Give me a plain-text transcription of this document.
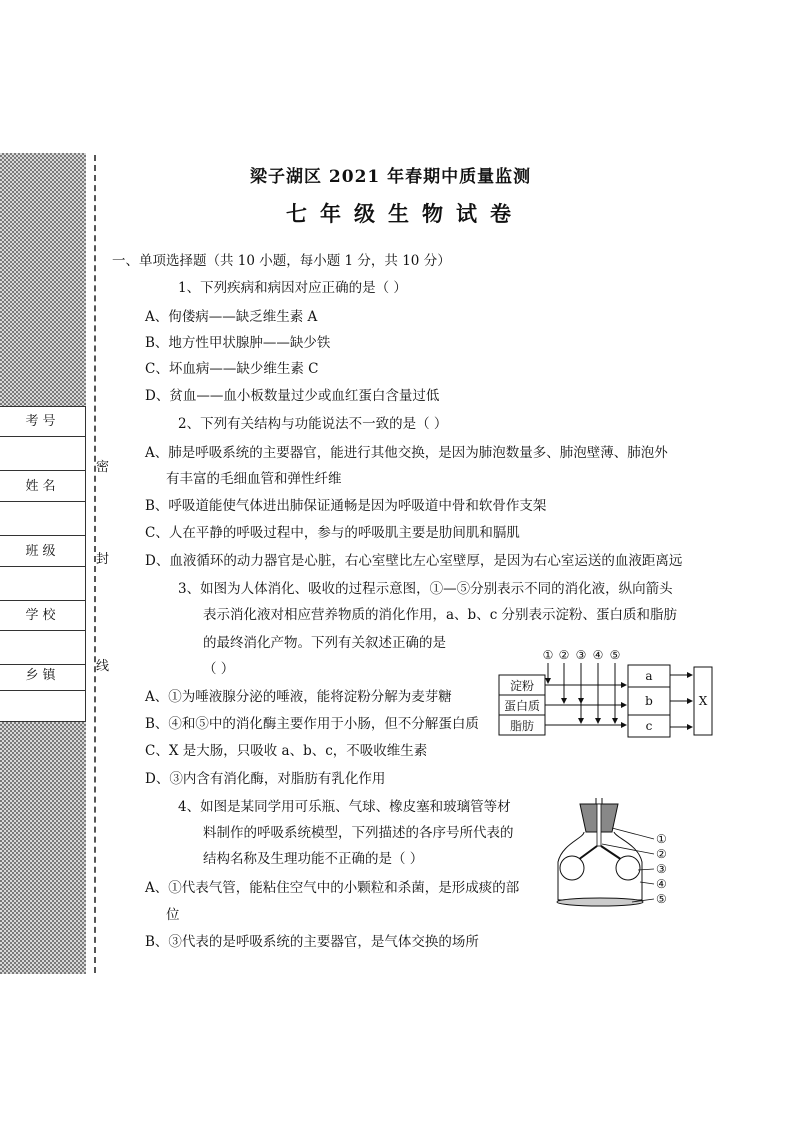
考号
姓名
班级
学校
乡镇
密
封
线
梁子湖区 2021 年春期中质量监测
七年级生物试卷
一、单项选择题（共 10 小题，每小题 1 分，共 10 分）
1、下列疾病和病因对应正确的是（ ）
A、佝偻病——缺乏维生素 A
B、地方性甲状腺肿——缺少铁
C、坏血病——缺少维生素 C
D、贫血——血小板数量过少或血红蛋白含量过低
2、下列有关结构与功能说法不一致的是（ ）
A、肺是呼吸系统的主要器官，能进行其他交换，是因为肺泡数量多、肺泡壁薄、肺泡外
有丰富的毛细血管和弹性纤维
B、呼吸道能使气体进出肺保证通畅是因为呼吸道中骨和软骨作支架
C、人在平静的呼吸过程中，参与的呼吸肌主要是肋间肌和膈肌
D、血液循环的动力器官是心脏，右心室壁比左心室壁厚，是因为右心室运送的血液距离远
3、如图为人体消化、吸收的过程示意图，①—⑤分别表示不同的消化液，纵向箭头
表示消化液对相应营养物质的消化作用，a、b、c 分别表示淀粉、蛋白质和脂肪
的最终消化产物。下列有关叙述正确的是
（ ）
A、①为唾液腺分泌的唾液，能将淀粉分解为麦芽糖
B、④和⑤中的消化酶主要作用于小肠，但不分解蛋白质
C、X 是大肠，只吸收 a、b、c，不吸收维生素
D、③内含有消化酶，对脂肪有乳化作用
① ② ③ ④ ⑤
淀粉
蛋白质
脂肪
a
b
c
X
4、如图是某同学用可乐瓶、气球、橡皮塞和玻璃管等材
料制作的呼吸系统模型，下列描述的各序号所代表的
结构名称及生理功能不正确的是（ ）
A、①代表气管，能粘住空气中的小颗粒和杀菌，是形成痰的部
位
B、③代表的是呼吸系统的主要器官，是气体交换的场所
①
②
③
④
⑤
